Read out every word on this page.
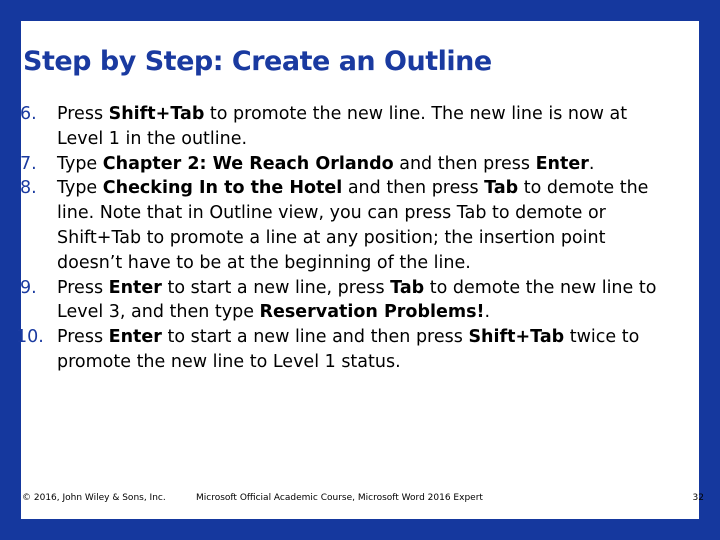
Step by Step: Create an Outline
6.	Press Shift+Tab to promote the new line. The new line is now at Level 1 in the outline.
7.	Type Chapter 2: We Reach Orlando and then press Enter.
8.	Type Checking In to the Hotel and then press Tab to demote the line. Note that in Outline view, you can press Tab to demote or Shift+Tab to promote a line at any position; the insertion point doesn’t have to be at the beginning of the line.
9.	Press Enter to start a new line, press Tab to demote the new line to Level 3, and then type Reservation Problems!.
10. Press Enter to start a new line and then press Shift+Tab twice to promote the new line to Level 1 status.
© 2016, John Wiley & Sons, Inc.	Microsoft Official Academic Course, Microsoft Word 2016 Expert	32
